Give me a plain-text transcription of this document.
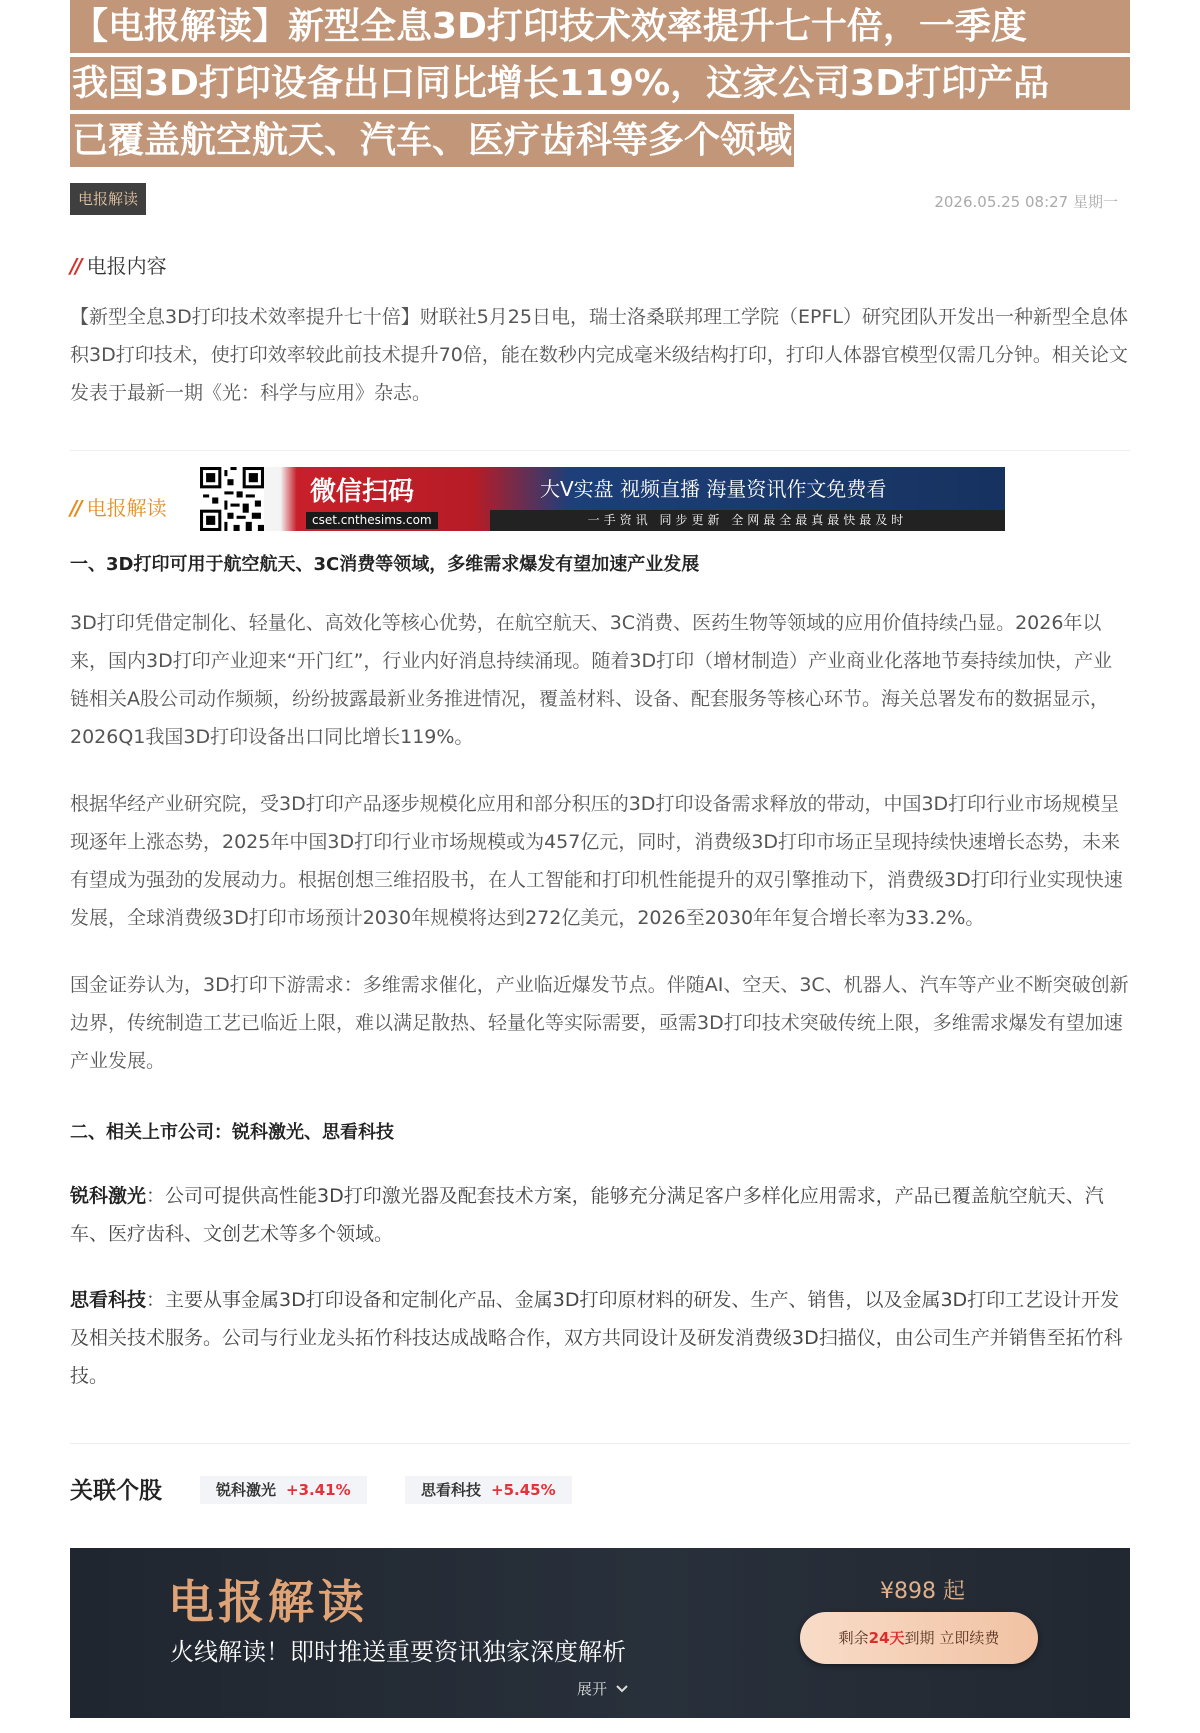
【电报解读】新型全息3D打印技术效率提升七十倍，一季度
我国3D打印设备出口同比增长119%，这家公司3D打印产品
已覆盖航空航天、汽车、医疗齿科等多个领域
电报解读	2026.05.25 08:27 星期一
// 电报内容

【新型全息3D打印技术效率提升七十倍】财联社5月25日电，瑞士洛桑联邦理工学院（EPFL）研究团队开发出一种新型全息体积3D打印技术，使打印效率较此前技术提升70倍，能在数秒内完成毫米级结构打印，打印人体器官模型仅需几分钟。相关论文发表于最新一期《光：科学与应用》杂志。

// 电报解读
微信扫码
cset.cnthesims.com
大V实盘 视频直播 海量资讯作文免费看
一手资讯 同步更新 全网最全最真最快最及时
一、3D打印可用于航空航天、3C消费等领域，多维需求爆发有望加速产业发展

3D打印凭借定制化、轻量化、高效化等核心优势，在航空航天、3C消费、医药生物等领域的应用价值持续凸显。2026年以来，国内3D打印产业迎来“开门红”，行业内好消息持续涌现。随着3D打印（增材制造）产业商业化落地节奏持续加快，产业链相关A股公司动作频频，纷纷披露最新业务推进情况，覆盖材料、设备、配套服务等核心环节。海关总署发布的数据显示，2026Q1我国3D打印设备出口同比增长119%。

根据华经产业研究院，受3D打印产品逐步规模化应用和部分积压的3D打印设备需求释放的带动，中国3D打印行业市场规模呈现逐年上涨态势，2025年中国3D打印行业市场规模或为457亿元，同时，消费级3D打印市场正呈现持续快速增长态势，未来有望成为强劲的发展动力。根据创想三维招股书，在人工智能和打印机性能提升的双引擎推动下，消费级3D打印行业实现快速发展，全球消费级3D打印市场预计2030年规模将达到272亿美元，2026至2030年年复合增长率为33.2%。

国金证券认为，3D打印下游需求：多维需求催化，产业临近爆发节点。伴随AI、空天、3C、机器人、汽车等产业不断突破创新边界，传统制造工艺已临近上限，难以满足散热、轻量化等实际需要，亟需3D打印技术突破传统上限，多维需求爆发有望加速产业发展。

二、相关上市公司：锐科激光、思看科技

锐科激光：公司可提供高性能3D打印激光器及配套技术方案，能够充分满足客户多样化应用需求，产品已覆盖航空航天、汽车、医疗齿科、文创艺术等多个领域。

思看科技：主要从事金属3D打印设备和定制化产品、金属3D打印原材料的研发、生产、销售，以及金属3D打印工艺设计开发及相关技术服务。公司与行业龙头拓竹科技达成战略合作，双方共同设计及研发消费级3D扫描仪，由公司生产并销售至拓竹科技。

关联个股	锐科激光 +3.41%	思看科技 +5.45%
电报解读
火线解读！即时推送重要资讯独家深度解析
¥898 起
剩余24天到期 立即续费
展开
